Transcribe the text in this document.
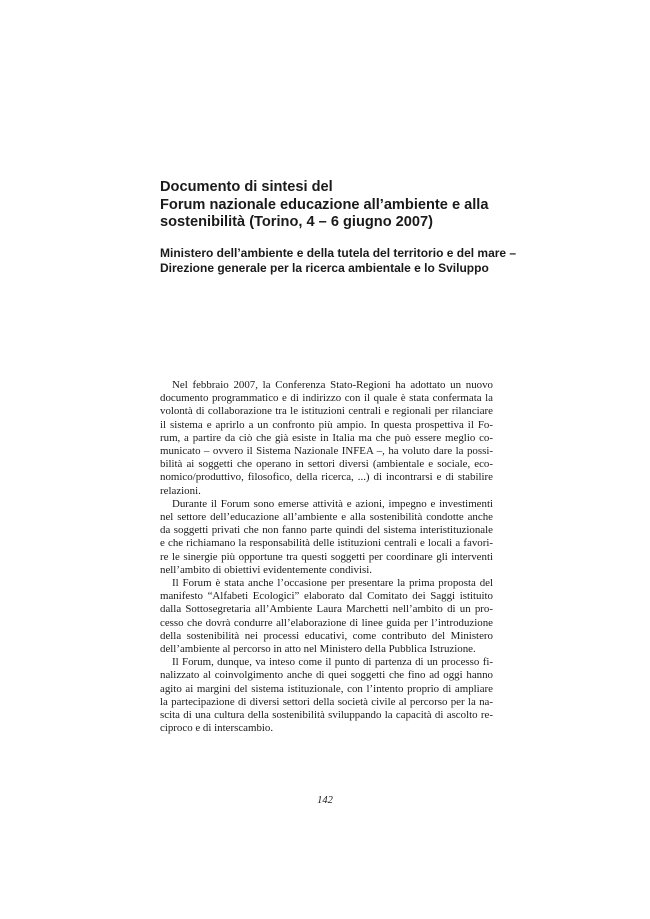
Documento di sintesi del
Forum nazionale educazione all’ambiente e alla
sostenibilità (Torino, 4 – 6 giugno 2007)
Ministero dell’ambiente e della tutela del territorio e del mare –
Direzione generale per la ricerca ambientale e lo Sviluppo

Nel febbraio 2007, la Conferenza Stato-Regioni ha adottato un nuovo
documento programmatico e di indirizzo con il quale è stata confermata la
volontà di collaborazione tra le istituzioni centrali e regionali per rilanciare
il sistema e aprirlo a un confronto più ampio. In questa prospettiva il Fo-
rum, a partire da ciò che già esiste in Italia ma che può essere meglio co-
municato – ovvero il Sistema Nazionale INFEA –, ha voluto dare la possi-
bilità ai soggetti che operano in settori diversi (ambientale e sociale, eco-
nomico/produttivo, filosofico, della ricerca, ...) di incontrarsi e di stabilire
relazioni.

Durante il Forum sono emerse attività e azioni, impegno e investimenti
nel settore dell’educazione all’ambiente e alla sostenibilità condotte anche
da soggetti privati che non fanno parte quindi del sistema interistituzionale
e che richiamano la responsabilità delle istituzioni centrali e locali a favori-
re le sinergie più opportune tra questi soggetti per coordinare gli interventi
nell’ambito di obiettivi evidentemente condivisi.

Il Forum è stata anche l’occasione per presentare la prima proposta del
manifesto “Alfabeti Ecologici” elaborato dal Comitato dei Saggi istituito
dalla Sottosegretaria all’Ambiente Laura Marchetti nell’ambito di un pro-
cesso che dovrà condurre all’elaborazione di linee guida per l’introduzione
della sostenibilità nei processi educativi, come contributo del Ministero
dell’ambiente al percorso in atto nel Ministero della Pubblica Istruzione.

Il Forum, dunque, va inteso come il punto di partenza di un processo fi-
nalizzato al coinvolgimento anche di quei soggetti che fino ad oggi hanno
agito ai margini del sistema istituzionale, con l’intento proprio di ampliare
la partecipazione di diversi settori della società civile al percorso per la na-
scita di una cultura della sostenibilità sviluppando la capacità di ascolto re-
ciproco e di interscambio.

142
